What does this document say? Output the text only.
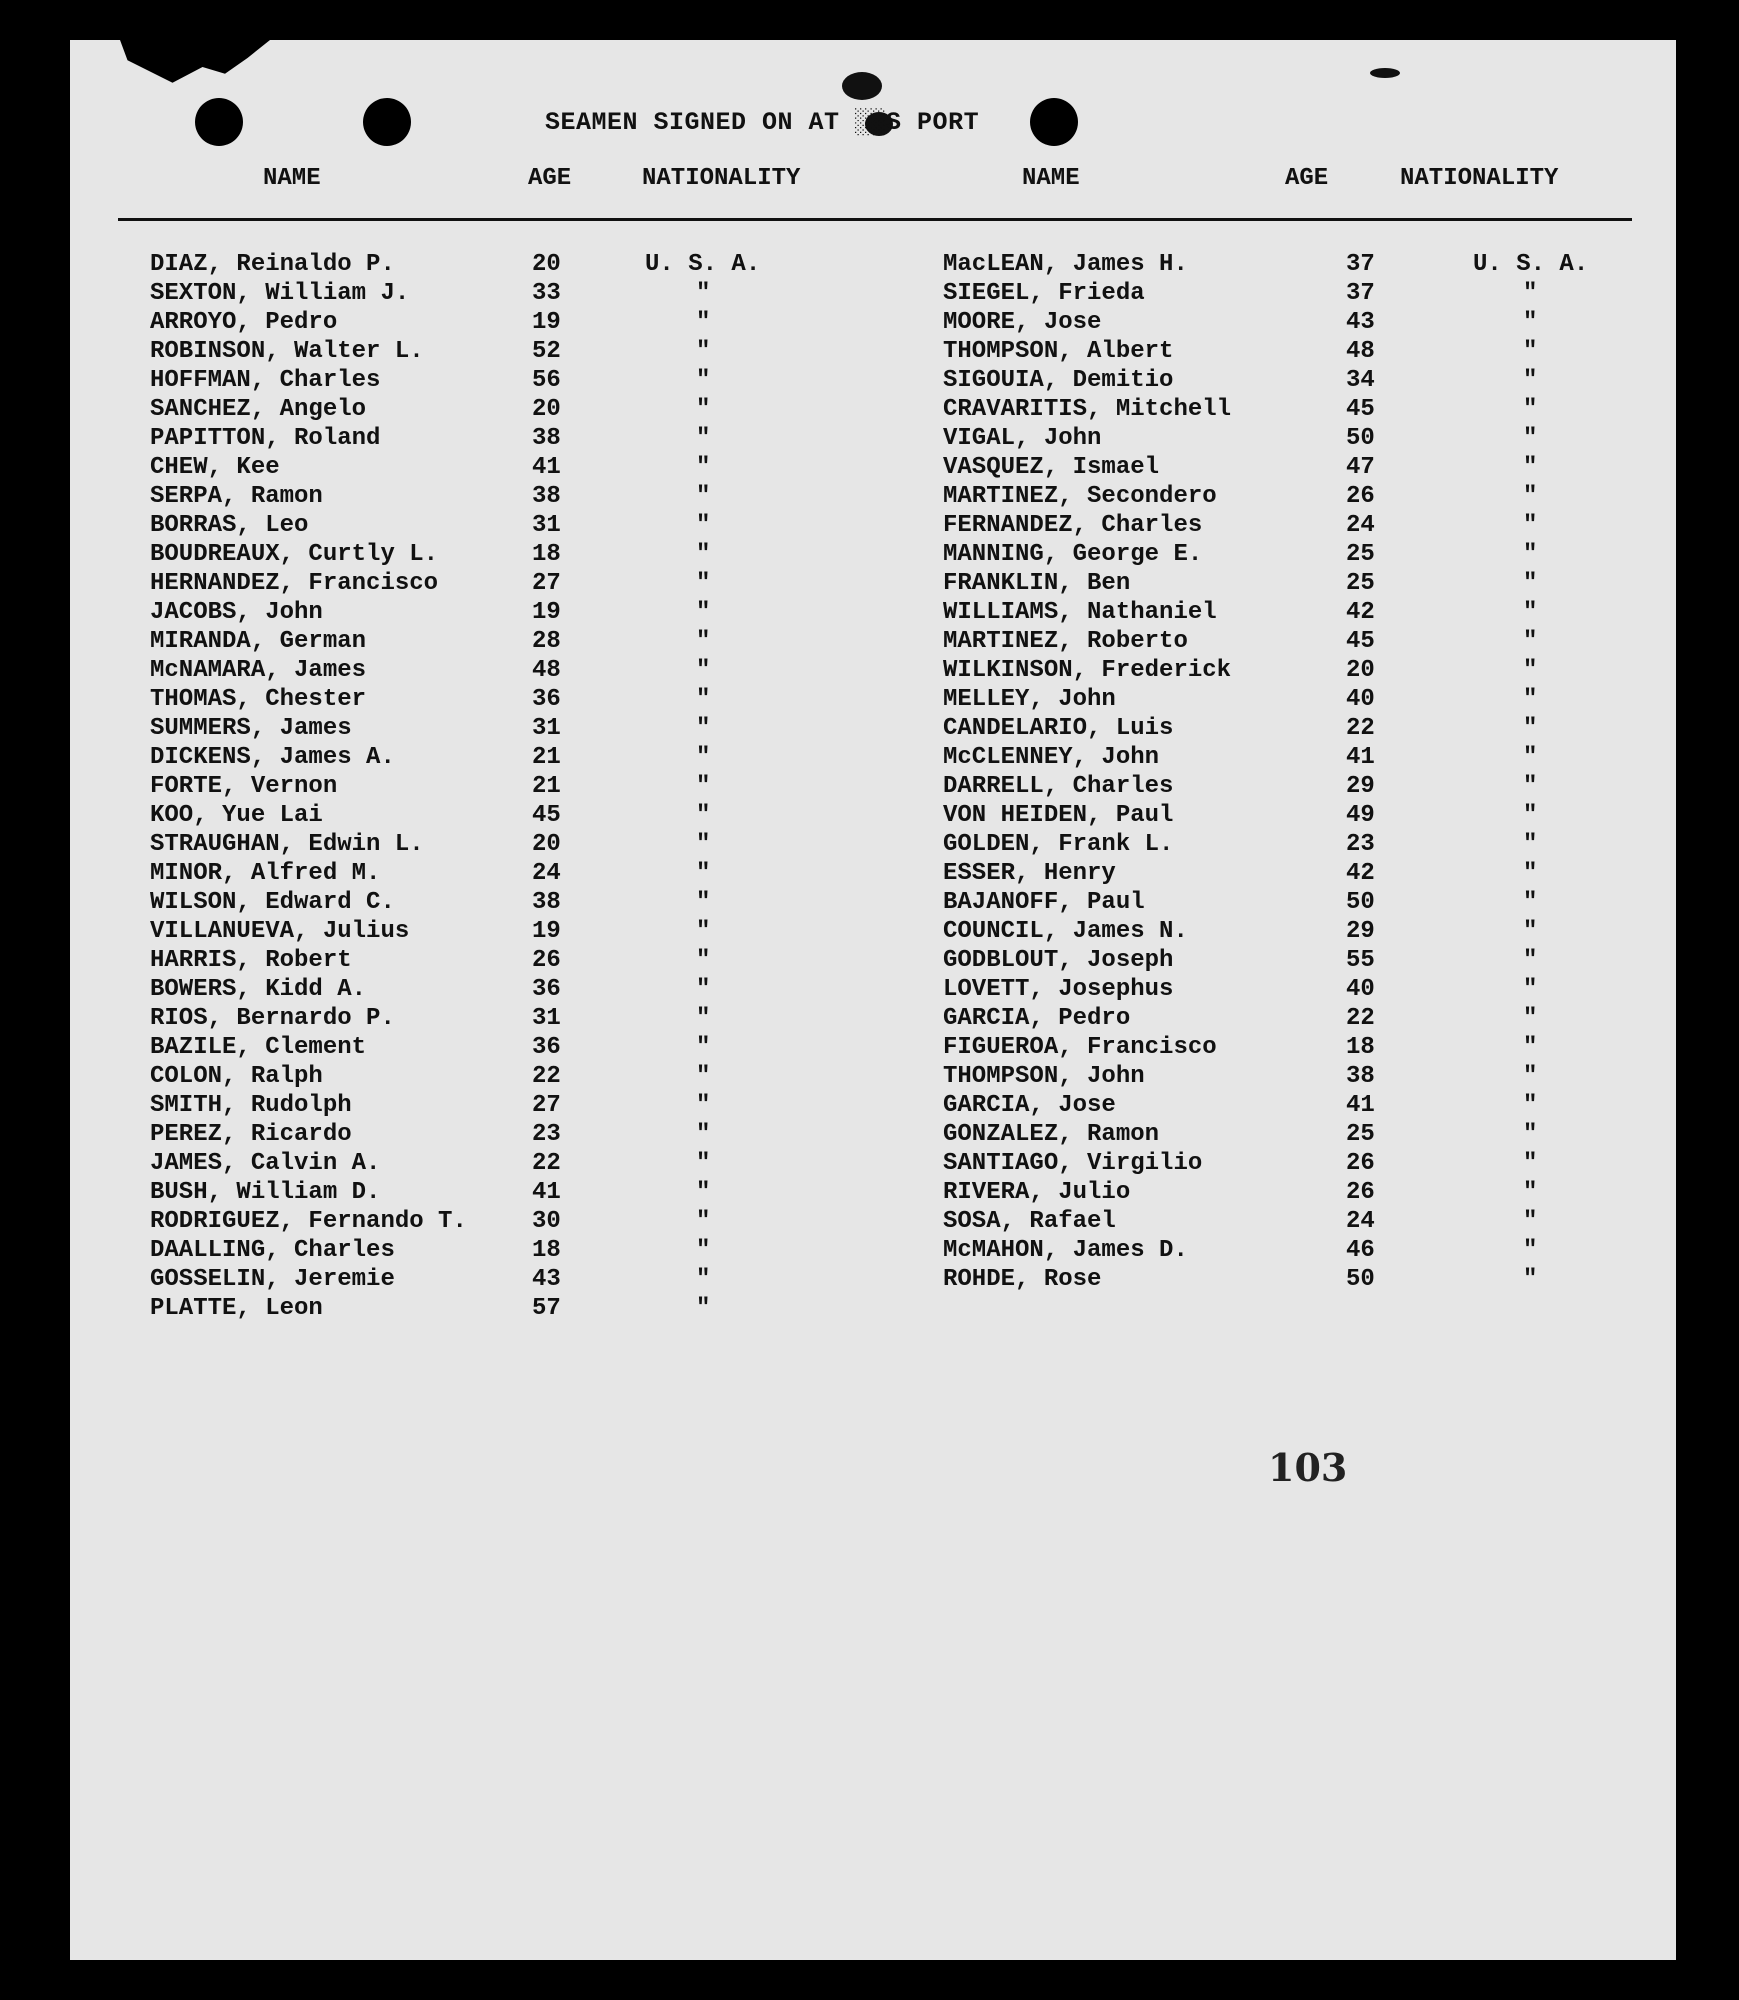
SEAMEN SIGNED ON AT ░░S PORT
NAME	AGE	NATIONALITY	NAME	AGE	NATIONALITY
DIAZ, Reinaldo P.	20	U. S. A.
SEXTON, William J.	33	"
ARROYO, Pedro	19	"
ROBINSON, Walter L.	52	"
HOFFMAN, Charles	56	"
SANCHEZ, Angelo	20	"
PAPITTON, Roland	38	"
CHEW, Kee	41	"
SERPA, Ramon	38	"
BORRAS, Leo	31	"
BOUDREAUX, Curtly L.	18	"
HERNANDEZ, Francisco	27	"
JACOBS, John	19	"
MIRANDA, German	28	"
McNAMARA, James	48	"
THOMAS, Chester	36	"
SUMMERS, James	31	"
DICKENS, James A.	21	"
FORTE, Vernon	21	"
KOO, Yue Lai	45	"
STRAUGHAN, Edwin L.	20	"
MINOR, Alfred M.	24	"
WILSON, Edward C.	38	"
VILLANUEVA, Julius	19	"
HARRIS, Robert	26	"
BOWERS, Kidd A.	36	"
RIOS, Bernardo P.	31	"
BAZILE, Clement	36	"
COLON, Ralph	22	"
SMITH, Rudolph	27	"
PEREZ, Ricardo	23	"
JAMES, Calvin A.	22	"
BUSH, William D.	41	"
RODRIGUEZ, Fernando T.	30	"
DAALLING, Charles	18	"
GOSSELIN, Jeremie	43	"
PLATTE, Leon	57	"
MacLEAN, James H.	37	U. S. A.
SIEGEL, Frieda	37	"
MOORE, Jose	43	"
THOMPSON, Albert	48	"
SIGOUIA, Demitio	34	"
CRAVARITIS, Mitchell	45	"
VIGAL, John	50	"
VASQUEZ, Ismael	47	"
MARTINEZ, Secondero	26	"
FERNANDEZ, Charles	24	"
MANNING, George E.	25	"
FRANKLIN, Ben	25	"
WILLIAMS, Nathaniel	42	"
MARTINEZ, Roberto	45	"
WILKINSON, Frederick	20	"
MELLEY, John	40	"
CANDELARIO, Luis	22	"
McCLENNEY, John	41	"
DARRELL, Charles	29	"
VON HEIDEN, Paul	49	"
GOLDEN, Frank L.	23	"
ESSER, Henry	42	"
BAJANOFF, Paul	50	"
COUNCIL, James N.	29	"
GODBLOUT, Joseph	55	"
LOVETT, Josephus	40	"
GARCIA, Pedro	22	"
FIGUEROA, Francisco	18	"
THOMPSON, John	38	"
GARCIA, Jose	41	"
GONZALEZ, Ramon	25	"
SANTIAGO, Virgilio	26	"
RIVERA, Julio	26	"
SOSA, Rafael	24	"
McMAHON, James D.	46	"
ROHDE, Rose	50	"
103
